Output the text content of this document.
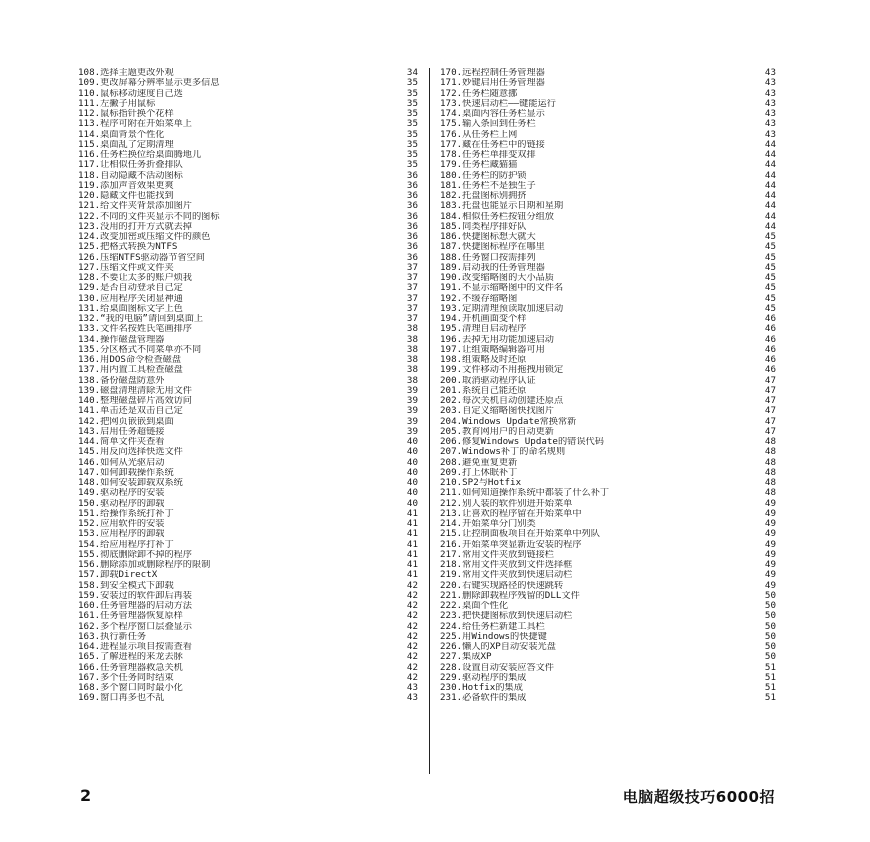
108.选择主题更改外观	34
109.更改屏幕分辨率显示更多信息	35
110.鼠标移动速度自己选	35
111.左撇子用鼠标	35
112.鼠标指针换个花样	35
113.程序可附在开始菜单上	35
114.桌面背景个性化	35
115.桌面乱了定期清理	35
116.任务栏换位给桌面腾地儿	35
117.让相似任务折叠排队	35
118.自动隐藏不活动图标	36
119.添加声音效果更爽	36
120.隐藏文件也能找到	36
121.给文件夹背景添加图片	36
122.不同的文件夹显示不同的图标	36
123.没用的打开方式就去掉	36
124.改变加密或压缩文件的颜色	36
125.把格式转换为NTFS	36
126.压缩NTFS驱动器节省空间	36
127.压缩文件或文件夹	37
128.不要让太多的账户烦我	37
129.是否自动登录自己定	37
130.应用程序关闭显神通	37
131.给桌面图标文字上色	37
132.“我的电脑”请回到桌面上	37
133.文件名按姓氏笔画排序	38
134.操作磁盘管理器	38
135.分区格式不同菜单亦不同	38
136.用DOS命令检查磁盘	38
137.用内置工具检查磁盘	38
138.备份磁盘防意外	38
139.磁盘清理清除无用文件	39
140.整理磁盘碎片高效访问	39
141.单击还是双击自己定	39
142.把网页嵌嵌到桌面	39
143.启用任务超链接	39
144.简单文件夹查看	40
145.用反向选择快选文件	40
146.如何从光驱启动	40
147.如何卸载操作系统	40
148.如何安装卸载双系统	40
149.驱动程序的安装	40
150.驱动程序的卸载	40
151.给操作系统打补丁	41
152.应用软件的安装	41
153.应用程序的卸载	41
154.给应用程序打补丁	41
155.彻底删除卸不掉的程序	41
156.删除添加或删除程序的限制	41
157.卸载DirectX	41
158.到安全模式下卸载	42
159.安装过的软件卸后再装	42
160.任务管理器的启动方法	42
161.任务管理器恢复原样	42
162.多个程序窗口层叠显示	42
163.执行新任务	42
164.进程显示项目按需查看	42
165.了解进程的来龙去脉	42
166.任务管理器救急关机	42
167.多个任务同时结束	42
168.多个窗口同时最小化	43
169.窗口再多也不乱	43
170.远程控制任务管理器	43
171.妙键启用任务管理器	43
172.任务栏随意挪	43
173.快速启动栏——键能运行	43
174.桌面内容任务栏显示	43
175.输入条回到任务栏	43
176.从任务栏上网	43
177.藏在任务栏中的链接	44
178.任务栏单排变双排	44
179.任务栏藏猫猫	44
180.任务栏的防护锁	44
181.任务栏不是独生子	44
182.托盘图标别拥挤	44
183.托盘也能显示日期和星期	44
184.相似任务栏按钮分组放	44
185.同类程序排好队	44
186.快捷图标想大就大	45
187.快捷图标程序在哪里	45
188.任务窗口按需排列	45
189.启动我的任务管理器	45
190.改变缩略图的大小品质	45
191.不显示缩略图中的文件名	45
192.不缓存缩略图	45
193.定期清理预读取加速启动	45
194.开机画面变个样	46
195.清理自启动程序	46
196.去掉无用功能加速启动	46
197.让组策略编辑器可用	46
198.组策略及时还原	46
199.文件移动不用拖拽用锁定	46
200.取消驱动程序认证	47
201.系统自己能还原	47
202.每次关机自动创建还原点	47
203.自定义缩略图快找图片	47
204.Windows Update常换常新	47
205.教育网用户的自动更新	47
206.修复Windows Update的错误代码	48
207.Windows补丁的命名规则	48
208.避免重复更新	48
209.打上休眠补丁	48
210.SP2与Hotfix	48
211.如何知道操作系统中都装了什么补丁	48
212.别人装的软件别进开始菜单	49
213.让喜欢的程序留在开始菜单中	49
214.开始菜单分门别类	49
215.让控制面板项目在开始菜单中列队	49
216.开始菜单突显新近安装的程序	49
217.常用文件夹放到链接栏	49
218.常用文件夹放到文件选择框	49
219.常用文件夹放到快速启动栏	49
220.右键实现路径的快速跳转	49
221.删除卸载程序残留的DLL文件	50
222.桌面个性化	50
223.把快捷图标放到快速启动栏	50
224.给任务栏新建工具栏	50
225.用Windows的快捷键	50
226.懒人的XP自动安装光盘	50
227.集成XP	50
228.设置自动安装应答文件	51
229.驱动程序的集成	51
230.Hotfix的集成	51
231.必备软件的集成	51
2	电脑超级技巧6000招
